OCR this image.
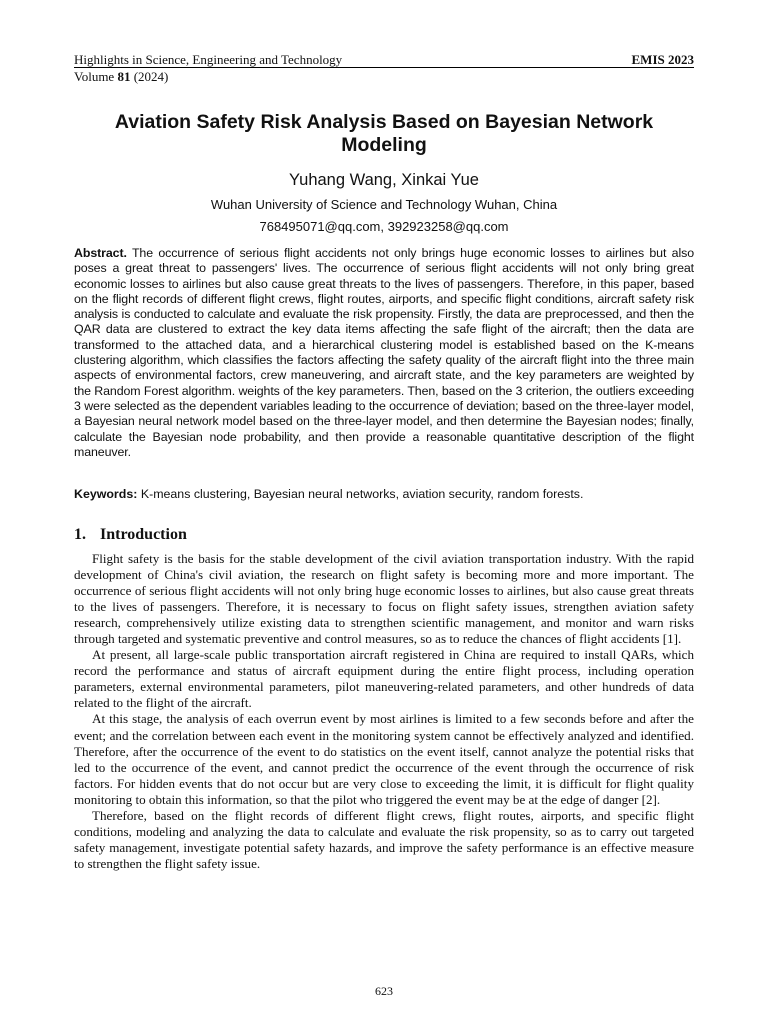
Highlights in Science, Engineering and Technology	EMIS 2023
Volume 81 (2024)
Aviation Safety Risk Analysis Based on Bayesian Network Modeling
Yuhang Wang, Xinkai Yue
Wuhan University of Science and Technology Wuhan, China
768495071@qq.com, 392923258@qq.com

Abstract. The occurrence of serious flight accidents not only brings huge economic losses to airlines but also poses a great threat to passengers' lives. The occurrence of serious flight accidents will not only bring great economic losses to airlines but also cause great threats to the lives of passengers. Therefore, in this paper, based on the flight records of different flight crews, flight routes, airports, and specific flight conditions, aircraft safety risk analysis is conducted to calculate and evaluate the risk propensity. Firstly, the data are preprocessed, and then the QAR data are clustered to extract the key data items affecting the safe flight of the aircraft; then the data are transformed to the attached data, and a hierarchical clustering model is established based on the K-means clustering algorithm, which classifies the factors affecting the safety quality of the aircraft flight into the three main aspects of environmental factors, crew maneuvering, and aircraft state, and the key parameters are weighted by the Random Forest algorithm. weights of the key parameters. Then, based on the 3 criterion, the outliers exceeding 3 were selected as the dependent variables leading to the occurrence of deviation; based on the three-layer model, a Bayesian neural network model based on the three-layer model, and then determine the Bayesian nodes; finally, calculate the Bayesian node probability, and then provide a reasonable quantitative description of the flight maneuver.

Keywords: K-means clustering, Bayesian neural networks, aviation security, random forests.

1. Introduction

Flight safety is the basis for the stable development of the civil aviation transportation industry. With the rapid development of China's civil aviation, the research on flight safety is becoming more and more important. The occurrence of serious flight accidents will not only bring huge economic losses to airlines, but also cause great threats to the lives of passengers. Therefore, it is necessary to focus on flight safety issues, strengthen aviation safety research, comprehensively utilize existing data to strengthen scientific management, and monitor and warn risks through targeted and systematic preventive and control measures, so as to reduce the chances of flight accidents [1].

At present, all large-scale public transportation aircraft registered in China are required to install QARs, which record the performance and status of aircraft equipment during the entire flight process, including operation parameters, external environmental parameters, pilot maneuvering-related parameters, and other hundreds of data related to the flight of the aircraft.

At this stage, the analysis of each overrun event by most airlines is limited to a few seconds before and after the event; and the correlation between each event in the monitoring system cannot be effectively analyzed and identified. Therefore, after the occurrence of the event to do statistics on the event itself, cannot analyze the potential risks that led to the occurrence of the event, and cannot predict the occurrence of the event through the occurrence of risk factors. For hidden events that do not occur but are very close to exceeding the limit, it is difficult for flight quality monitoring to obtain this information, so that the pilot who triggered the event may be at the edge of danger [2].

Therefore, based on the flight records of different flight crews, flight routes, airports, and specific flight conditions, modeling and analyzing the data to calculate and evaluate the risk propensity, so as to carry out targeted safety management, investigate potential safety hazards, and improve the safety performance is an effective measure to strengthen the flight safety issue.

623
